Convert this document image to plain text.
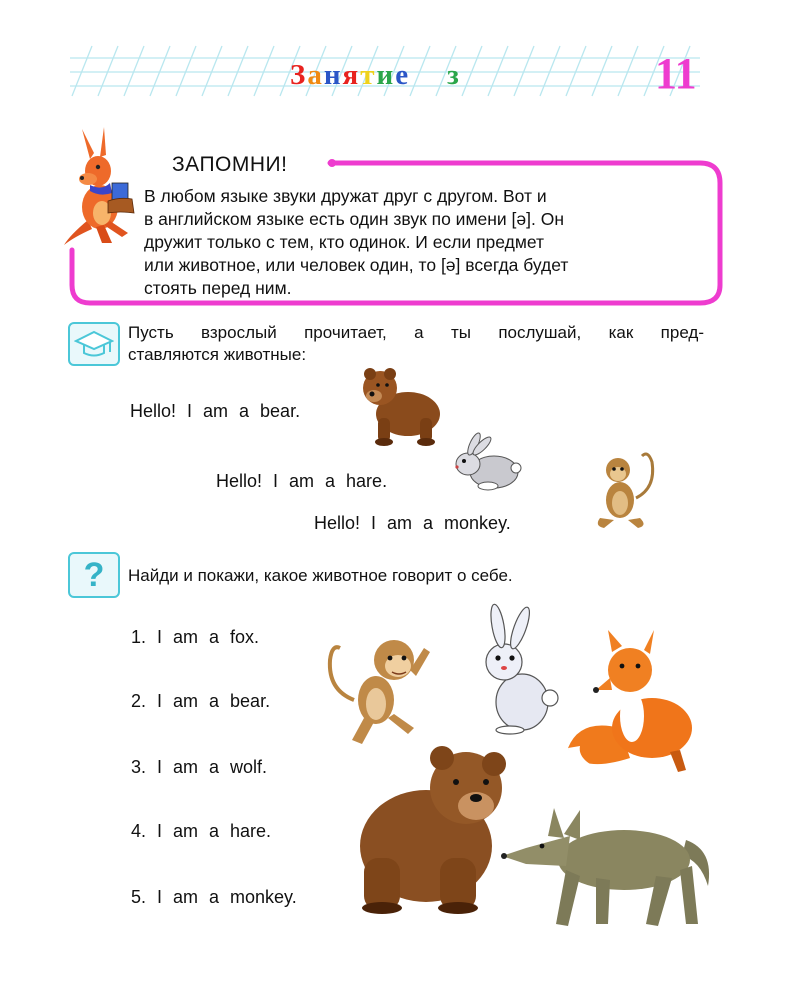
Занятие    з	11
ЗАПОМНИ!

В любом языке звуки дружат друг с другом. Вот и

в английском языке есть один звук по имени [ə]. Он

дружит только с тем, кто одинок. И если предмет

или животное, или человек один, то [ə] всегда будет

стоять перед ним.

Пусть взрослый прочитает, а ты послушай, как пред-
ставляются животные:
Hello! I am a bear.
Hello! I am a hare.
Hello! I am a monkey.
?	Найди и покажи, какое животное говорит о себе.
1. I am a fox.
2. I am a bear.
3. I am a wolf.
4. I am a hare.
5. I am a monkey.
